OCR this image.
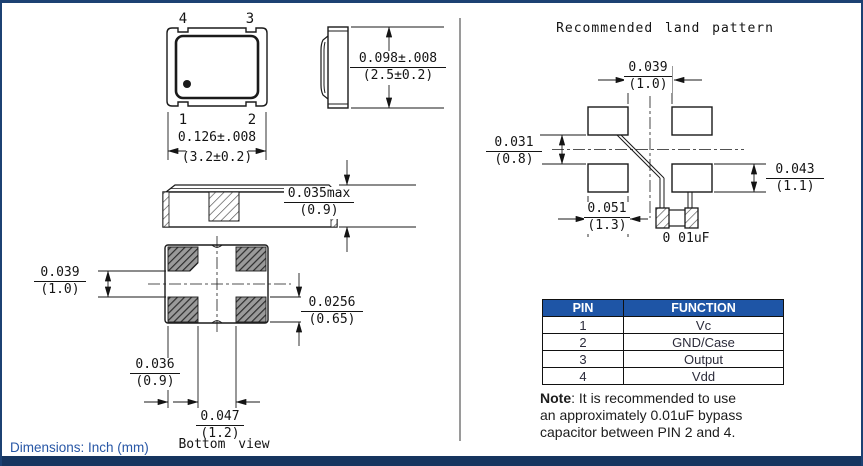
4	3
1	2
0.126±.008
(3.2±0.2)
$\frac{0.098\pm.008}{(2.5\pm 0.2)}$
0.035max
(0.9)
$\frac{0.039}{(1.0)}$
$\frac{0.0256}{(0.65)}$
$\frac{0.036}{(0.9)}$
$\frac{0.047}{(1.2)}$
Bottom view
Recommended land pattern
$\frac{0.039}{(1.0)}$
$\frac{0.031}{(0.8)}$
$\frac{0.043}{(1.1)}$
$\frac{0.051}{(1.3)}$
0 01uF
PIN	FUNCTION
1	Vc
2	GND/Case
3	Output
4	Vdd
Note: It is recommended to use
an approximately 0.01uF bypass
capacitor between PIN 2 and 4.
Dimensions: Inch (mm)
